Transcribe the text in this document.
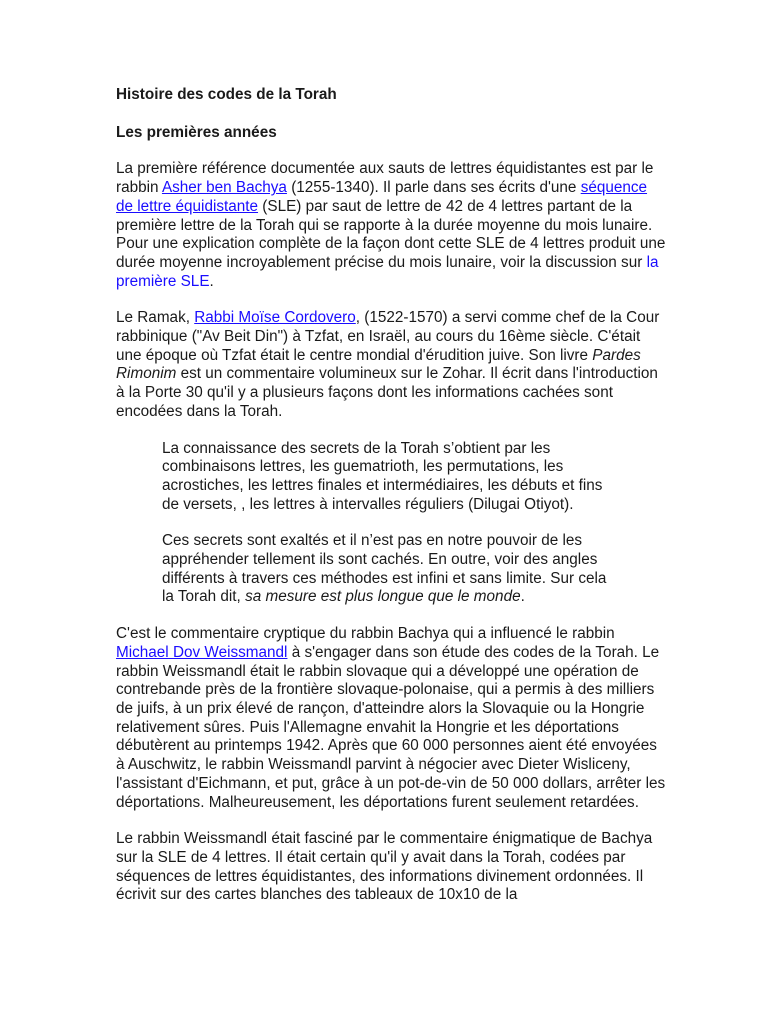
Histoire des codes de la Torah
Les premières années

La première référence documentée aux sauts de lettres équidistantes est par le rabbin Asher ben Bachya (1255-1340). Il parle dans ses écrits d'une séquence de lettre équidistante (SLE) par saut de lettre de 42 de 4 lettres partant de la première lettre de la Torah qui se rapporte à la durée moyenne du mois lunaire. Pour une explication complète de la façon dont cette SLE de 4 lettres produit une durée moyenne incroyablement précise du mois lunaire, voir la discussion sur la première SLE.

Le Ramak, Rabbi Moïse Cordovero, (1522-1570) a servi comme chef de la Cour rabbinique ("Av Beit Din") à Tzfat, en Israël, au cours du 16ème siècle. C'était une époque où Tzfat était le centre mondial d'érudition juive. Son livre Pardes Rimonim est un commentaire volumineux sur le Zohar. Il écrit dans l'introduction à la Porte 30 qu'il y a plusieurs façons dont les informations cachées sont encodées dans la Torah.

La connaissance des secrets de la Torah s’obtient par les combinaisons lettres, les guematrioth, les permutations, les acrostiches, les lettres finales et intermédiaires, les débuts et fins de versets, , les lettres à intervalles réguliers (Dilugai Otiyot).

Ces secrets sont exaltés et il n’est pas en notre pouvoir de les appréhender tellement ils sont cachés. En outre, voir des angles différents à travers ces méthodes est infini et sans limite. Sur cela la Torah dit, sa mesure est plus longue que le monde.

C'est le commentaire cryptique du rabbin Bachya qui a influencé le rabbin Michael Dov Weissmandl à s'engager dans son étude des codes de la Torah. Le rabbin Weissmandl était le rabbin slovaque qui a développé une opération de contrebande près de la frontière slovaque-polonaise, qui a permis à des milliers de juifs, à un prix élevé de rançon, d'atteindre alors la Slovaquie ou la Hongrie relativement sûres. Puis l'Allemagne envahit la Hongrie et les déportations débutèrent au printemps 1942. Après que 60 000 personnes aient été envoyées à Auschwitz, le rabbin Weissmandl parvint à négocier avec Dieter Wisliceny, l'assistant d'Eichmann, et put, grâce à un pot-de-vin de 50 000 dollars, arrêter les déportations. Malheureusement, les déportations furent seulement retardées.

Le rabbin Weissmandl était fasciné par le commentaire énigmatique de Bachya sur la SLE de 4 lettres. Il était certain qu'il y avait dans la Torah, codées par séquences de lettres équidistantes, des informations divinement ordonnées. Il écrivit sur des cartes blanches des tableaux de 10x10 de la
